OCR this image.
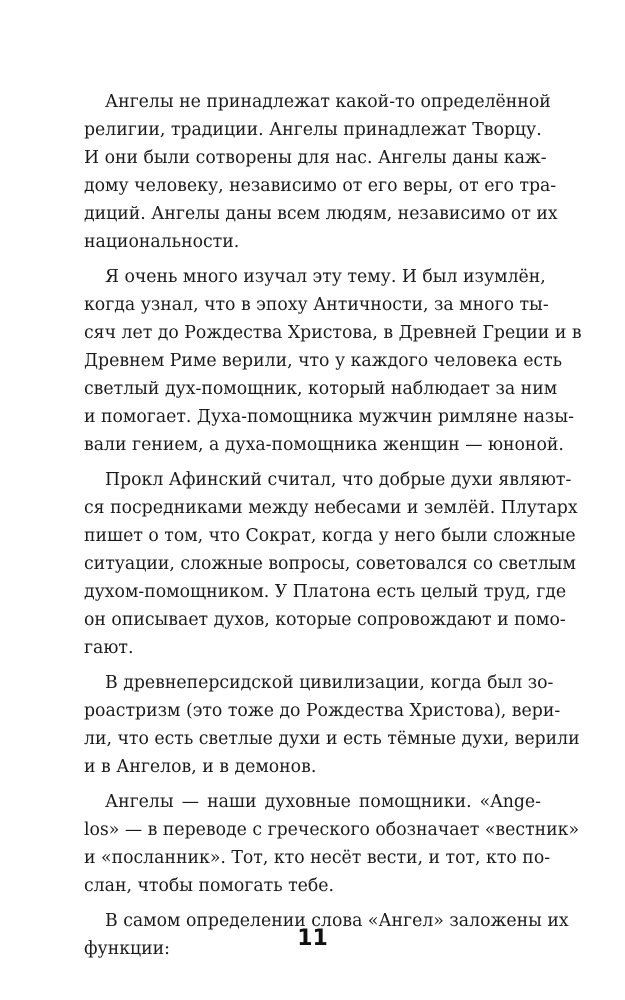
Ангелы не принадлежат какой-то определённой
религии, традиции. Ангелы принадлежат Творцу.
И они были сотворены для нас. Ангелы даны каж-
дому человеку, независимо от его веры, от его тра-
диций. Ангелы даны всем людям, независимо от их
национальности.
Я очень много изучал эту тему. И был изумлён,
когда узнал, что в эпоху Античности, за много ты-
сяч лет до Рождества Христова, в Древней Греции и в
Древнем Риме верили, что у каждого человека есть
светлый дух-помощник, который наблюдает за ним
и помогает. Духа-помощника мужчин римляне назы-
вали гением, а духа-помощника женщин — юноной.
Прокл Афинский считал, что добрые духи являют-
ся посредниками между небесами и землёй. Плутарх
пишет о том, что Сократ, когда у него были сложные
ситуации, сложные вопросы, советовался со светлым
духом-помощником. У Платона есть целый труд, где
он описывает духов, которые сопровождают и помо-
гают.
В древнеперсидской цивилизации, когда был зо-
роастризм (это тоже до Рождества Христова), вери-
ли, что есть светлые духи и есть тёмные духи, верили
и в Ангелов, и в демонов.
Ангелы — наши духовные помощники. «Ange-
los» — в переводе с греческого обозначает «вестник»
и «посланник». Тот, кто несёт вести, и тот, кто по-
слан, чтобы помогать тебе.
В самом определении слова «Ангел» заложены их
функции:	11
